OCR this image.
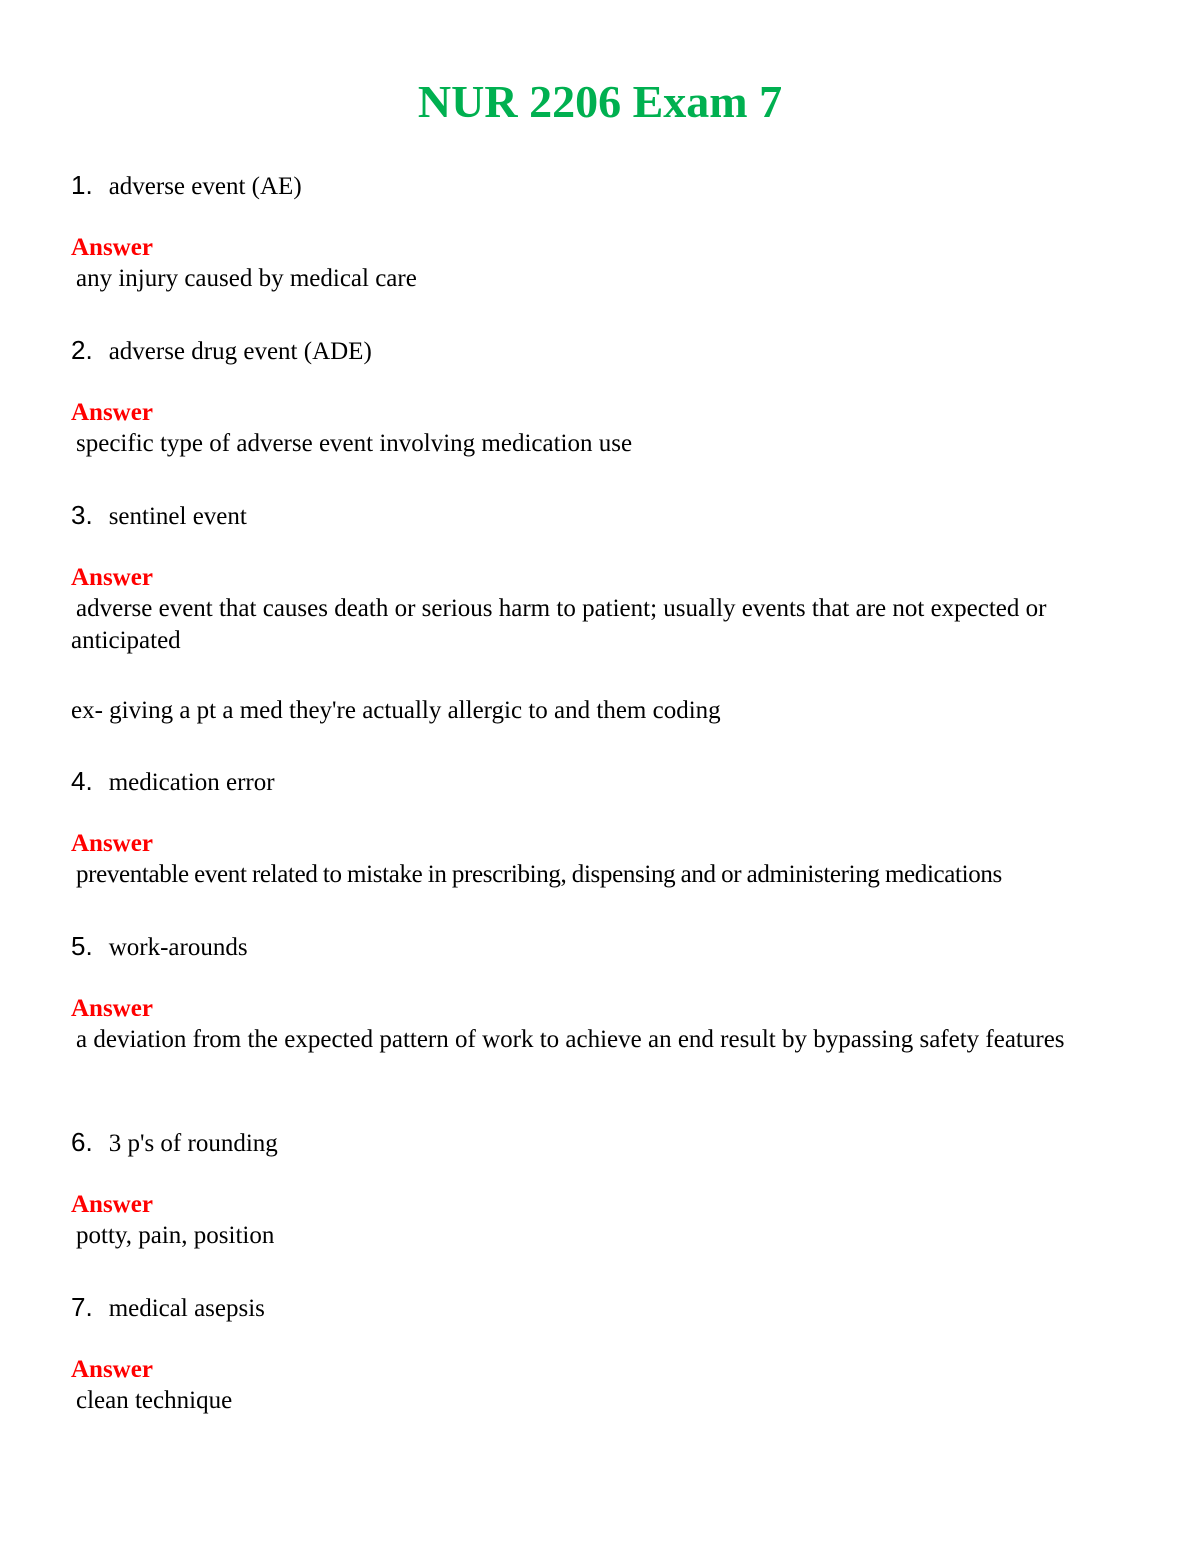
NUR 2206 Exam 7
1. adverse event (AE)
Answer
any injury caused by medical care
2. adverse drug event (ADE)
Answer
specific type of adverse event involving medication use
3. sentinel event
Answer
adverse event that causes death or serious harm to patient; usually events that are not expected or anticipated
ex- giving a pt a med they're actually allergic to and them coding
4. medication error
Answer
preventable event related to mistake in prescribing, dispensing and or administering medications
5. work-arounds
Answer
a deviation from the expected pattern of work to achieve an end result by bypassing safety features
6. 3 p's of rounding
Answer
potty, pain, position
7. medical asepsis
Answer
clean technique
